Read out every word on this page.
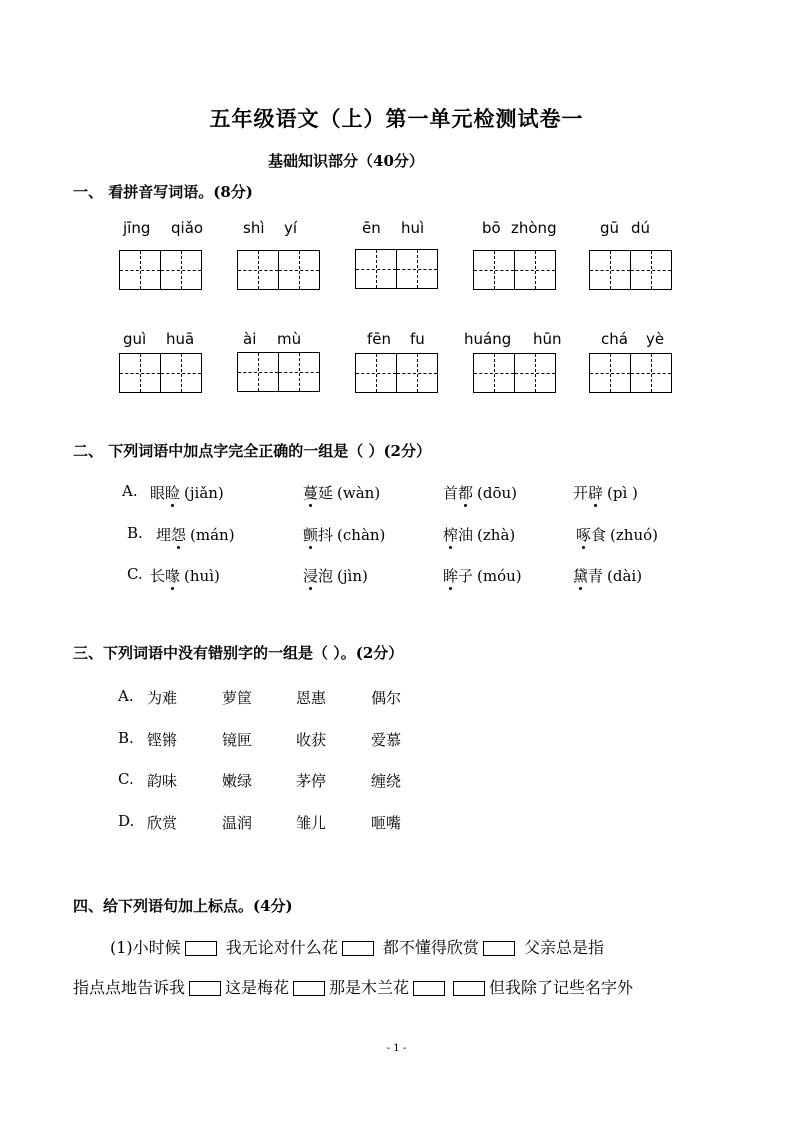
五年级语文（上）第一单元检测试卷一
基础知识部分（40分）
一、 看拼音写词语。(8分)
jīng qiǎo	shì yí	ēn huì	bō zhòng	gū dú
guì huā	ài mù	fēn fu	huáng hūn	chá yè
二、 下列词语中加点字完全正确的一组是（ ）(2分）
A. 眼睑 (jiǎn)	蔓延 (wàn)	首都 (dōu)	开辟 (pì )
B. 埋怨 (mán)	颤抖 (chàn)	榨油 (zhà)	啄食 (zhuó)
C. 长喙 (huì)	浸泡 (jìn)	眸子 (móu)	黛青 (dài)
三、下列词语中没有错别字的一组是（ ）。(2分）
A. 为难	萝筐	恩惠	偶尔
B. 铿锵	镜匣	收获	爱慕
C. 韵味	嫩绿	茅停	缠绕
D. 欣赏	温润	雏儿	咂嘴
四、给下列语句加上标点。(4分)
(1)小时候	我无论对什么花	都不懂得欣赏	父亲总是指
指点点地告诉我	这是梅花	那是木兰花	但我除了记些名字外
- 1 -
